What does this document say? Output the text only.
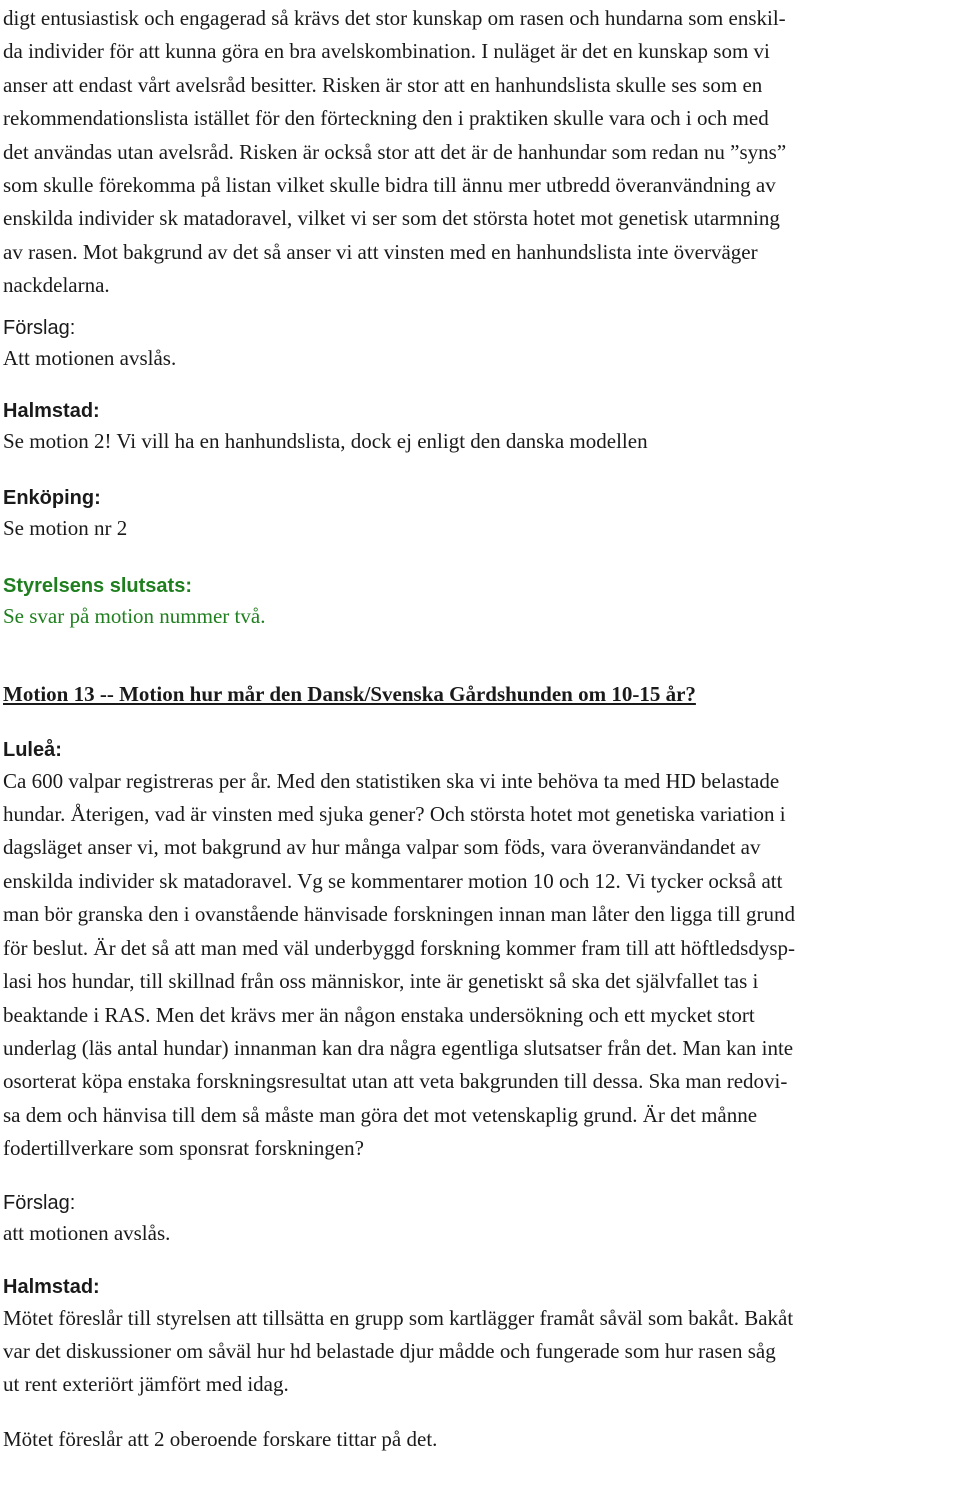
digt entusiastisk och engagerad så krävs det stor kunskap om rasen och hundarna som enskil-

da individer för att kunna göra en bra avelskombination. I nuläget är det en kunskap som vi

anser att endast vårt avelsråd besitter. Risken är stor att en hanhundslista skulle ses som en

rekommendationslista istället för den förteckning den i praktiken skulle vara och i och med

det användas utan avelsråd. Risken är också stor att det är de hanhundar som redan nu ”syns”

som skulle förekomma på listan vilket skulle bidra till ännu mer utbredd överanvändning av

enskilda individer sk matadoravel, vilket vi ser som det största hotet mot genetisk utarmning

av rasen. Mot bakgrund av det så anser vi att vinsten med en hanhundslista inte överväger

nackdelarna.

Förslag:

Att motionen avslås.

Halmstad:

Se motion 2! Vi vill ha en hanhundslista, dock ej enligt den danska modellen

Enköping:

Se motion nr 2

Styrelsens slutsats:

Se svar på motion nummer två.

Motion 13 -- Motion hur mår den Dansk/Svenska Gårdshunden om 10-15 år?

Luleå:

Ca 600 valpar registreras per år. Med den statistiken ska vi inte behöva ta med HD belastade

hundar. Återigen, vad är vinsten med sjuka gener? Och största hotet mot genetiska variation i

dagsläget anser vi, mot bakgrund av hur många valpar som föds, vara överanvändandet av

enskilda individer sk matadoravel. Vg se kommentarer motion 10 och 12. Vi tycker också att

man bör granska den i ovanstående hänvisade forskningen innan man låter den ligga till grund

för beslut. Är det så att man med väl underbyggd forskning kommer fram till att höftledsdysp-

lasi hos hundar, till skillnad från oss människor, inte är genetiskt så ska det självfallet tas i

beaktande i RAS. Men det krävs mer än någon enstaka undersökning och ett mycket stort

underlag (läs antal hundar) innanman kan dra några egentliga slutsatser från det. Man kan inte

osorterat köpa enstaka forskningsresultat utan att veta bakgrunden till dessa. Ska man redovi-

sa dem och hänvisa till dem så måste man göra det mot vetenskaplig grund. Är det månne

fodertillverkare som sponsrat forskningen?

Förslag:

att motionen avslås.

Halmstad:

Mötet föreslår till styrelsen att tillsätta en grupp som kartlägger framåt såväl som bakåt. Bakåt

var det diskussioner om såväl hur hd belastade djur mådde och fungerade som hur rasen såg

ut rent exteriört jämfört med idag.

Mötet föreslår att 2 oberoende forskare tittar på det.
